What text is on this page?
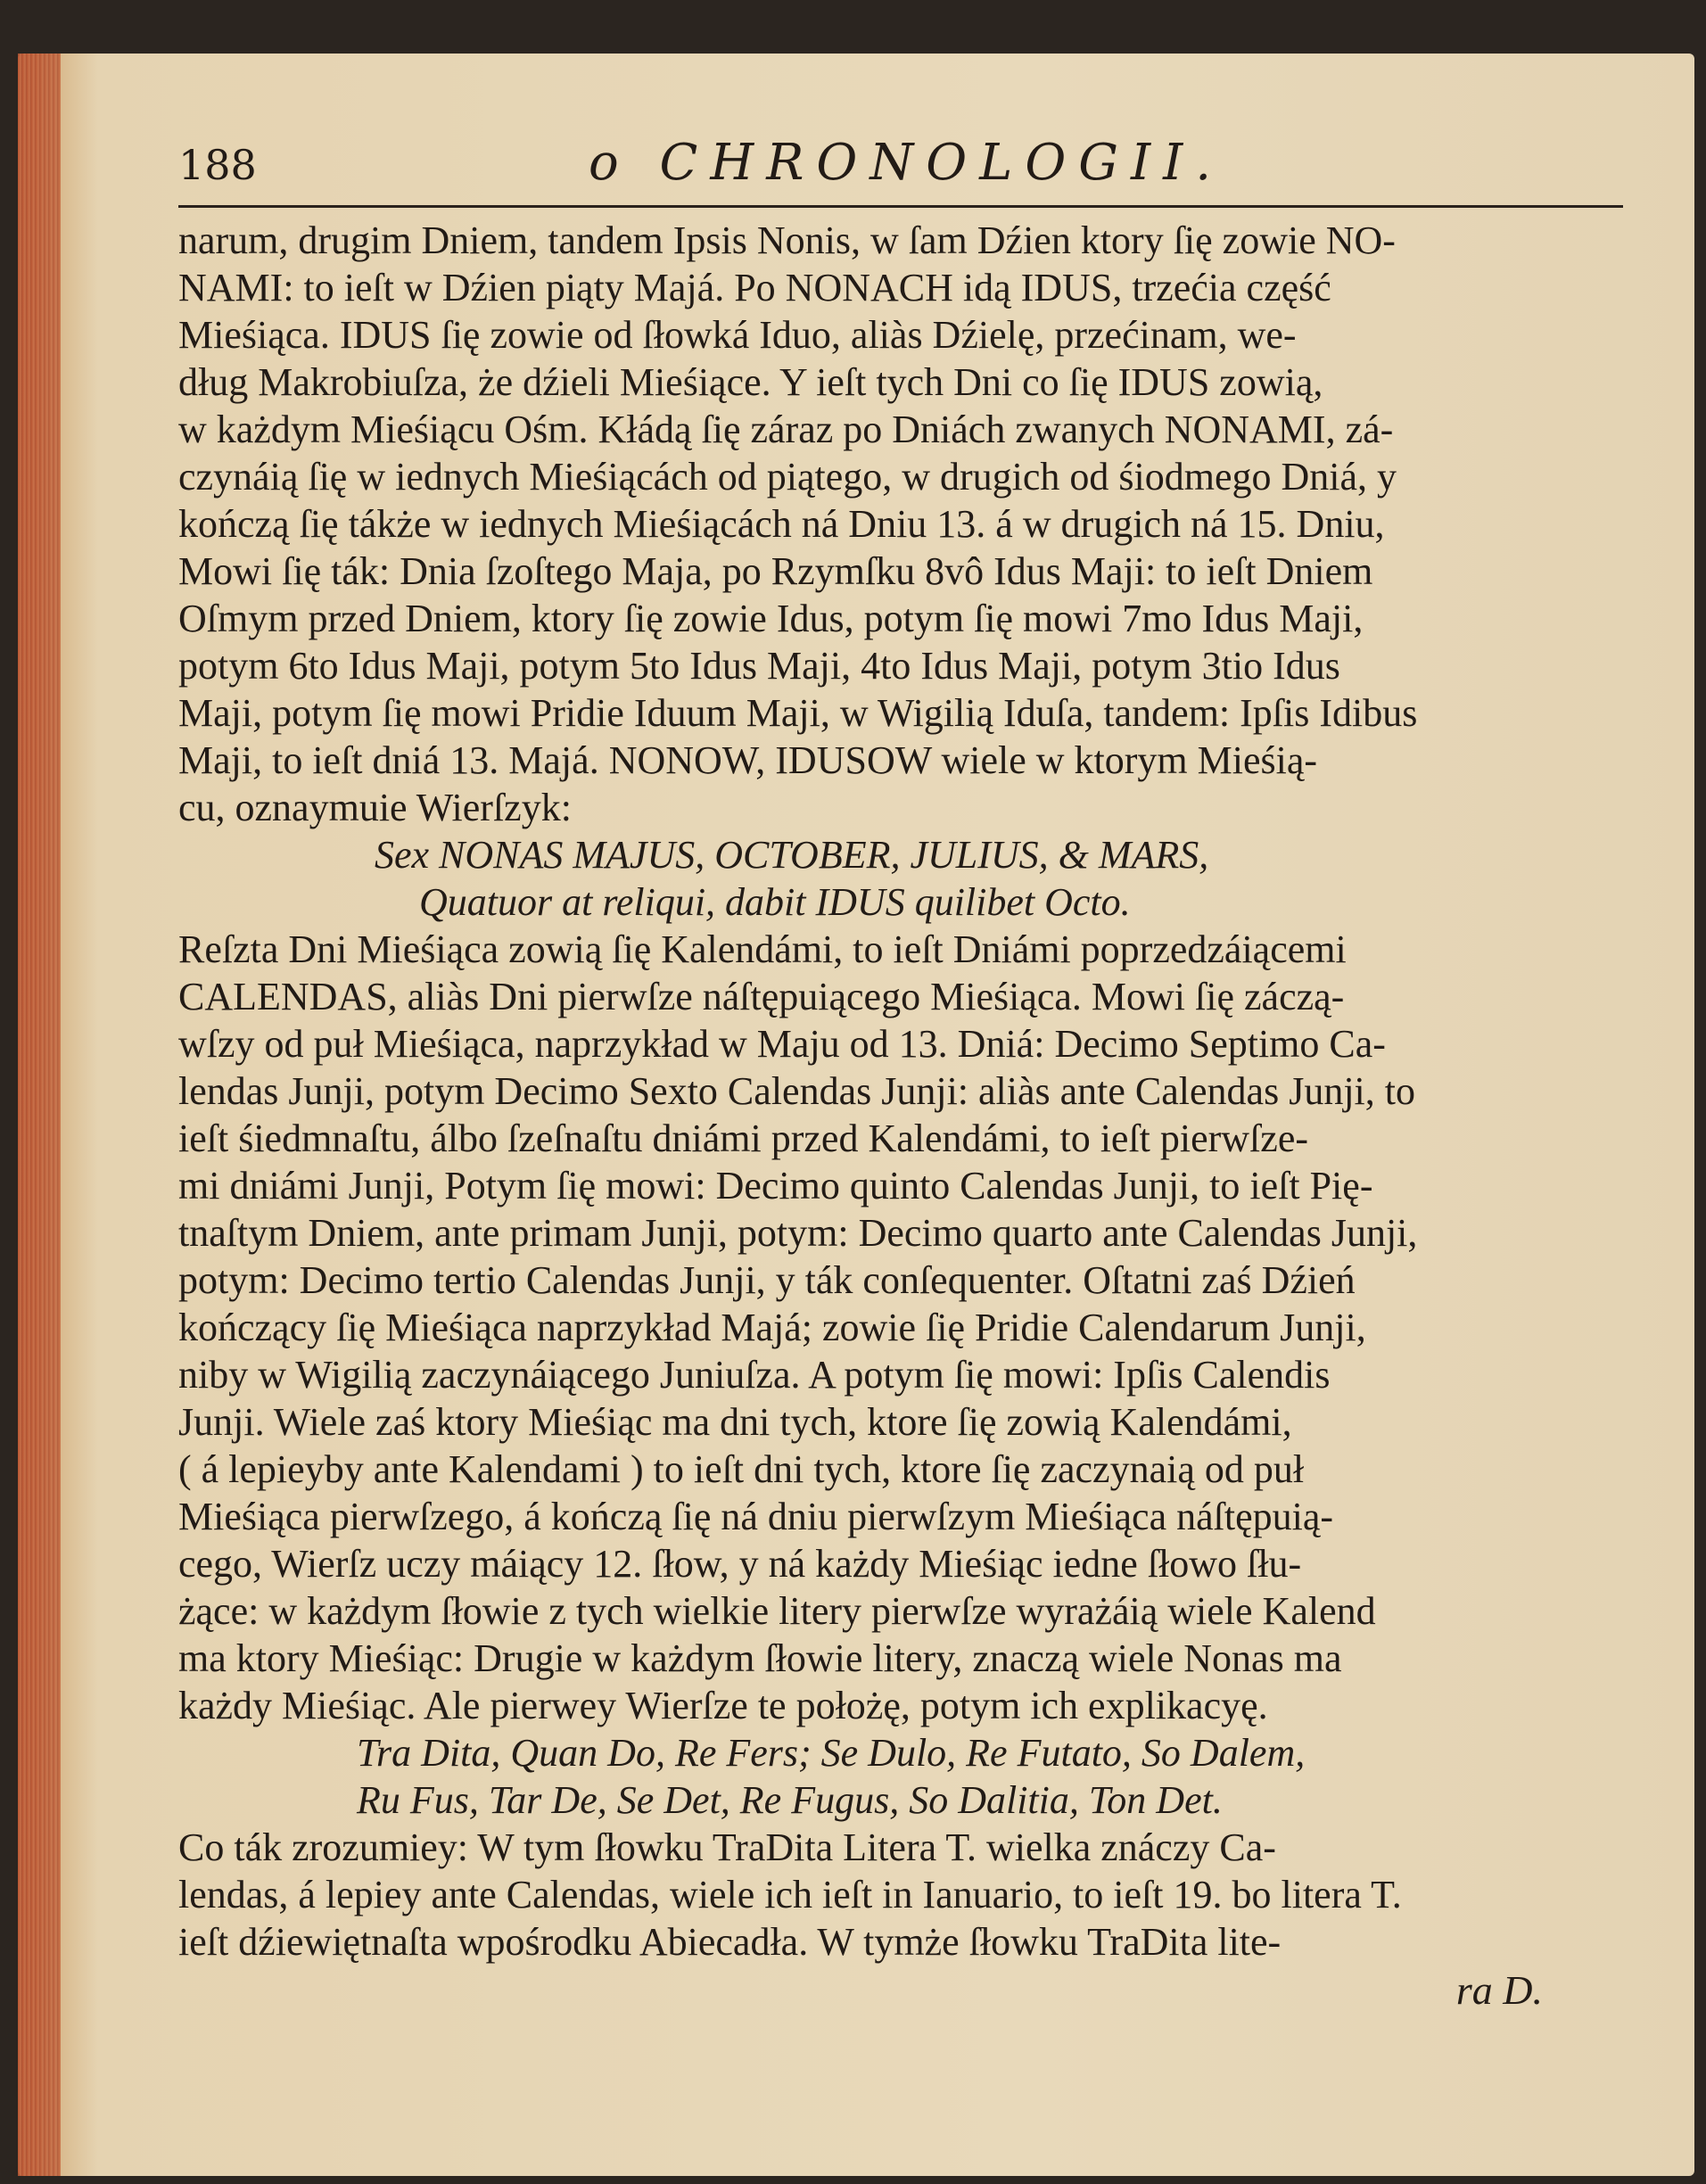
188	o CHRONOLOGII.
narum, drugim Dniem, tandem Ipsis Nonis, w ſam Dźien ktory ſię zowie NO-
NAMI: to ieſt w Dźien piąty Majá. Po NONACH idą IDUS, trzećia część
Mieśiąca. IDUS ſię zowie od ſłowká Iduo, aliàs Dźielę, przećinam, we-
dług Makrobiuſza, że dźieli Mieśiące. Y ieſt tych Dni co ſię IDUS zowią,
w każdym Mieśiącu Ośm. Kłádą ſię záraz po Dniách zwanych NONAMI, zá-
czynáią ſię w iednych Mieśiącách od piątego, w drugich od śiodmego Dniá, y
kończą ſię tákże w iednych Mieśiącách ná Dniu 13. á w drugich ná 15. Dniu,
Mowi ſię ták: Dnia ſzoſtego Maja, po Rzymſku 8vô Idus Maji: to ieſt Dniem
Oſmym przed Dniem, ktory ſię zowie Idus, potym ſię mowi 7mo Idus Maji,
potym 6to Idus Maji, potym 5to Idus Maji, 4to Idus Maji, potym 3tio Idus
Maji, potym ſię mowi Pridie Iduum Maji, w Wigilią Iduſa, tandem: Ipſis Idibus
Maji, to ieſt dniá 13. Majá. NONOW, IDUSOW wiele w ktorym Mieśią-
cu, oznaymuie Wierſzyk:
Sex NONAS MAJUS, OCTOBER, JULIUS, & MARS,
Quatuor at reliqui, dabit IDUS quilibet Octo.
Reſzta Dni Mieśiąca zowią ſię Kalendámi, to ieſt Dniámi poprzedzáiącemi
CALENDAS, aliàs Dni pierwſze náſtępuiącego Mieśiąca. Mowi ſię záczą-
wſzy od puł Mieśiąca, naprzykład w Maju od 13. Dniá: Decimo Septimo Ca-
lendas Junji, potym Decimo Sexto Calendas Junji: aliàs ante Calendas Junji, to
ieſt śiedmnaſtu, álbo ſzeſnaſtu dniámi przed Kalendámi, to ieſt pierwſze-
mi dniámi Junji, Potym ſię mowi: Decimo quinto Calendas Junji, to ieſt Pię-
tnaſtym Dniem, ante primam Junji, potym: Decimo quarto ante Calendas Junji,
potym: Decimo tertio Calendas Junji, y ták conſequenter. Oſtatni zaś Dźień
kończący ſię Mieśiąca naprzykład Majá; zowie ſię Pridie Calendarum Junji,
niby w Wigilią zaczynáiącego Juniuſza. A potym ſię mowi: Ipſis Calendis
Junji. Wiele zaś ktory Mieśiąc ma dni tych, ktore ſię zowią Kalendámi,
( á lepieyby ante Kalendami ) to ieſt dni tych, ktore ſię zaczynaią od puł
Mieśiąca pierwſzego, á kończą ſię ná dniu pierwſzym Mieśiąca náſtępuią-
cego, Wierſz uczy máiący 12. ſłow, y ná każdy Mieśiąc iedne ſłowo ſłu-
żące: w każdym ſłowie z tych wielkie litery pierwſze wyrażáią wiele Kalend
ma ktory Mieśiąc: Drugie w każdym ſłowie litery, znaczą wiele Nonas ma
każdy Mieśiąc. Ale pierwey Wierſze te położę, potym ich explikacyę.
Tra Dita, Quan Do, Re Fers; Se Dulo, Re Futato, So Dalem,
Ru Fus, Tar De, Se Det, Re Fugus, So Dalitia, Ton Det.
Co ták zrozumiey: W tym ſłowku TraDita Litera T. wielka znáczy Ca-
lendas, á lepiey ante Calendas, wiele ich ieſt in Ianuario, to ieſt 19. bo litera T.
ieſt dźiewiętnaſta wpośrodku Abiecadła. W tymże ſłowku TraDita lite-
ra D.
